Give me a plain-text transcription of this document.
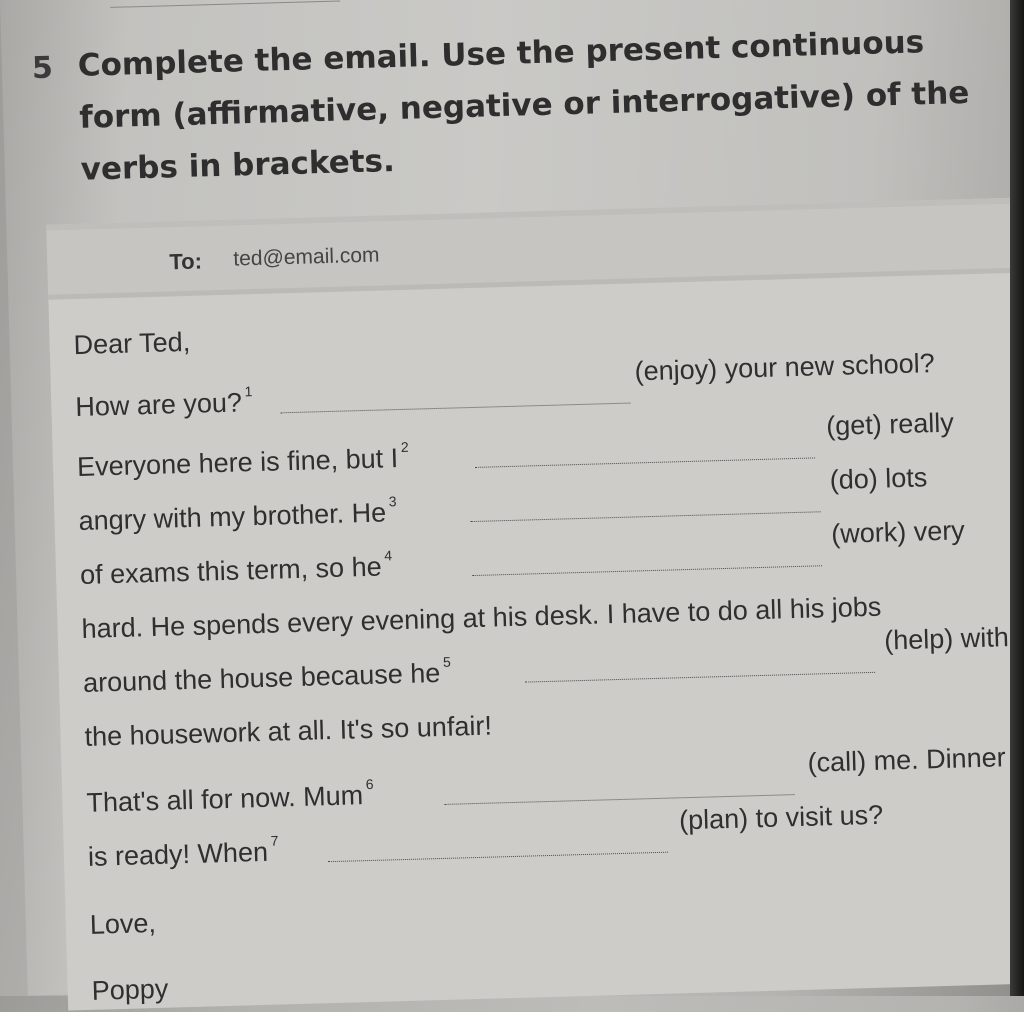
5 Complete the email. Use the present continuous form (affirmative, negative or interrogative) of the verbs in brackets.

To: ted@email.com
Dear Ted,
How are you? $^1$
(enjoy) your new school?
Everyone here is fine, but I $^2$
(get) really
angry with my brother. He $^3$
(do) lots
of exams this term, so he $^4$
(work) very
hard. He spends every evening at his desk. I have to do all his jobs
around the house because he $^5$
(help) with
the housework at all. It's so unfair!
That's all for now. Mum $^6$
(call) me. Dinner
is ready! When $^7$
(plan) to visit us?
Love,
Poppy
